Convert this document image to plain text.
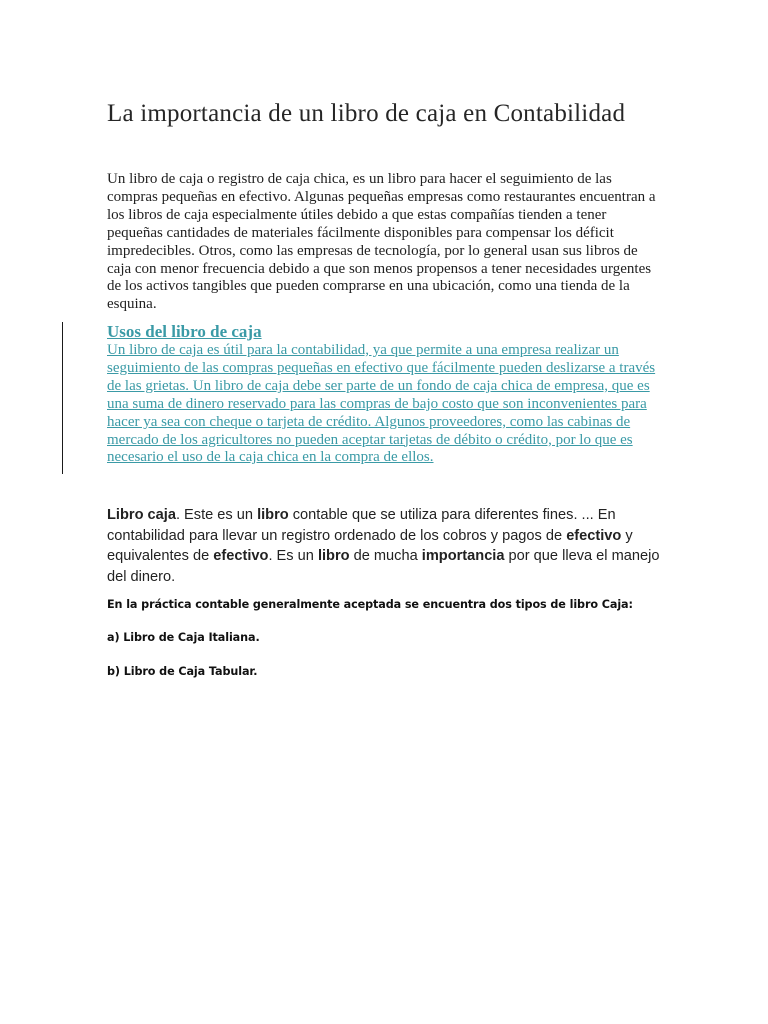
La importancia de un libro de caja en Contabilidad

Un libro de caja o registro de caja chica, es un libro para hacer el seguimiento de las compras pequeñas en efectivo. Algunas pequeñas empresas como restaurantes encuentran a los libros de caja especialmente útiles debido a que estas compañías tienden a tener pequeñas cantidades de materiales fácilmente disponibles para compensar los déficit impredecibles. Otros, como las empresas de tecnología, por lo general usan sus libros de caja con menor frecuencia debido a que son menos propensos a tener necesidades urgentes de los activos tangibles que pueden comprarse en una ubicación, como una tienda de la esquina.

Usos del libro de caja

Un libro de caja es útil para la contabilidad, ya que permite a una empresa realizar un seguimiento de las compras pequeñas en efectivo que fácilmente pueden deslizarse a través de las grietas. Un libro de caja debe ser parte de un fondo de caja chica de empresa, que es una suma de dinero reservado para las compras de bajo costo que son inconvenientes para hacer ya sea con cheque o tarjeta de crédito. Algunos proveedores, como las cabinas de mercado de los agricultores no pueden aceptar tarjetas de débito o crédito, por lo que es necesario el uso de la caja chica en la compra de ellos.

Libro caja. Este es un libro contable que se utiliza para diferentes fines. ... En contabilidad para llevar un registro ordenado de los cobros y pagos de efectivo y equivalentes de efectivo. Es un libro de mucha importancia por que lleva el manejo del dinero.

En la práctica contable generalmente aceptada se encuentra dos tipos de libro Caja:

a) Libro de Caja Italiana.

b) Libro de Caja Tabular.
